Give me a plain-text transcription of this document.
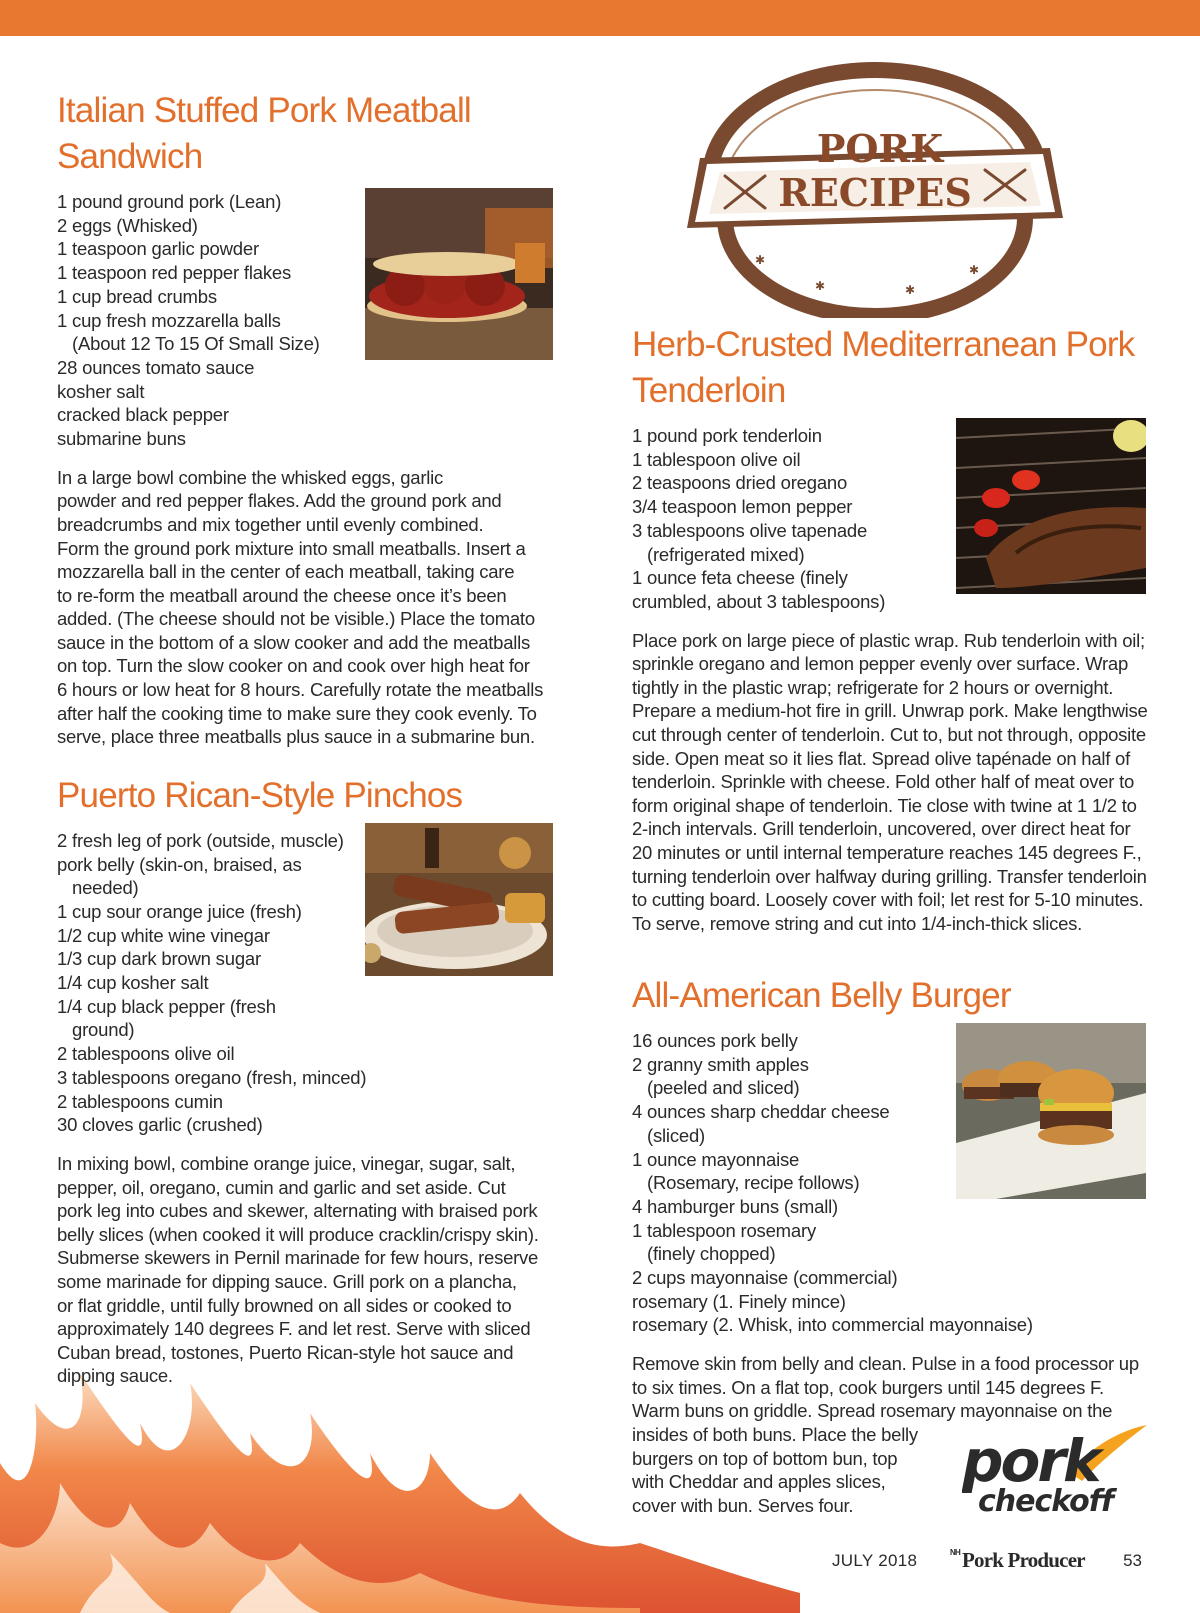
Italian Stuffed Pork Meatball
Sandwich
1 pound ground pork (Lean)
2 eggs (Whisked)
1 teaspoon garlic powder
1 teaspoon red pepper flakes
1 cup bread crumbs
1 cup fresh mozzarella balls
(About 12 To 15 Of Small Size)
28 ounces tomato sauce
kosher salt
cracked black pepper
submarine buns
In a large bowl combine the whisked eggs, garlic
powder and red pepper flakes. Add the ground pork and
breadcrumbs and mix together until evenly combined.
Form the ground pork mixture into small meatballs. Insert a
mozzarella ball in the center of each meatball, taking care
to re-form the meatball around the cheese once it’s been
added. (The cheese should not be visible.) Place the tomato
sauce in the bottom of a slow cooker and add the meatballs
on top. Turn the slow cooker on and cook over high heat for
6 hours or low heat for 8 hours. Carefully rotate the meatballs
after half the cooking time to make sure they cook evenly. To
serve, place three meatballs plus sauce in a submarine bun.
Puerto Rican-Style Pinchos
2 fresh leg of pork (outside, muscle)
pork belly (skin-on, braised, as
needed)
1 cup sour orange juice (fresh)
1/2 cup white wine vinegar
1/3 cup dark brown sugar
1/4 cup kosher salt
1/4 cup black pepper (fresh
ground)
2 tablespoons olive oil
3 tablespoons oregano (fresh, minced)
2 tablespoons cumin
30 cloves garlic (crushed)
In mixing bowl, combine orange juice, vinegar, sugar, salt,
pepper, oil, oregano, cumin and garlic and set aside. Cut
pork leg into cubes and skewer, alternating with braised pork
belly slices (when cooked it will produce cracklin/crispy skin).
Submerse skewers in Pernil marinade for few hours, reserve
some marinade for dipping sauce. Grill pork on a plancha,
or flat griddle, until fully browned on all sides or cooked to
approximately 140 degrees F. and let rest. Serve with sliced
Cuban bread, tostones, Puerto Rican-style hot sauce and
dipping sauce.
✱
✱
✱	✱
✱
✱
✱	✱
✱
PORK
RECIPES
Herb-Crusted Mediterranean Pork
Tenderloin
1 pound pork tenderloin
1 tablespoon olive oil
2 teaspoons dried oregano
3/4 teaspoon lemon pepper
3 tablespoons olive tapenade
(refrigerated mixed)
1 ounce feta cheese (finely
crumbled, about 3 tablespoons)
Place pork on large piece of plastic wrap. Rub tenderloin with oil;
sprinkle oregano and lemon pepper evenly over surface. Wrap
tightly in the plastic wrap; refrigerate for 2 hours or overnight.
Prepare a medium-hot fire in grill. Unwrap pork. Make lengthwise
cut through center of tenderloin. Cut to, but not through, opposite
side. Open meat so it lies flat. Spread olive tapénade on half of
tenderloin. Sprinkle with cheese. Fold other half of meat over to
form original shape of tenderloin. Tie close with twine at 1 1/2 to
2-inch intervals. Grill tenderloin, uncovered, over direct heat for
20 minutes or until internal temperature reaches 145 degrees F.,
turning tenderloin over halfway during grilling. Transfer tenderloin
to cutting board. Loosely cover with foil; let rest for 5-10 minutes.
To serve, remove string and cut into 1/4-inch-thick slices.
All-American Belly Burger
16 ounces pork belly
2 granny smith apples
(peeled and sliced)
4 ounces sharp cheddar cheese
(sliced)
1 ounce mayonnaise
(Rosemary, recipe follows)
4 hamburger buns (small)
1 tablespoon rosemary
(finely chopped)
2 cups mayonnaise (commercial)
rosemary (1. Finely mince)
rosemary (2. Whisk, into commercial mayonnaise)
Remove skin from belly and clean. Pulse in a food processor up
to six times. On a flat top, cook burgers until 145 degrees F.
Warm buns on griddle. Spread rosemary mayonnaise on the
insides of both buns. Place the belly
burgers on top of bottom bun, top
with Cheddar and apples slices,
cover with bun. Serves four.
pork
checkoff
JULY 2018	$^{NH}$Pork Producer 53
